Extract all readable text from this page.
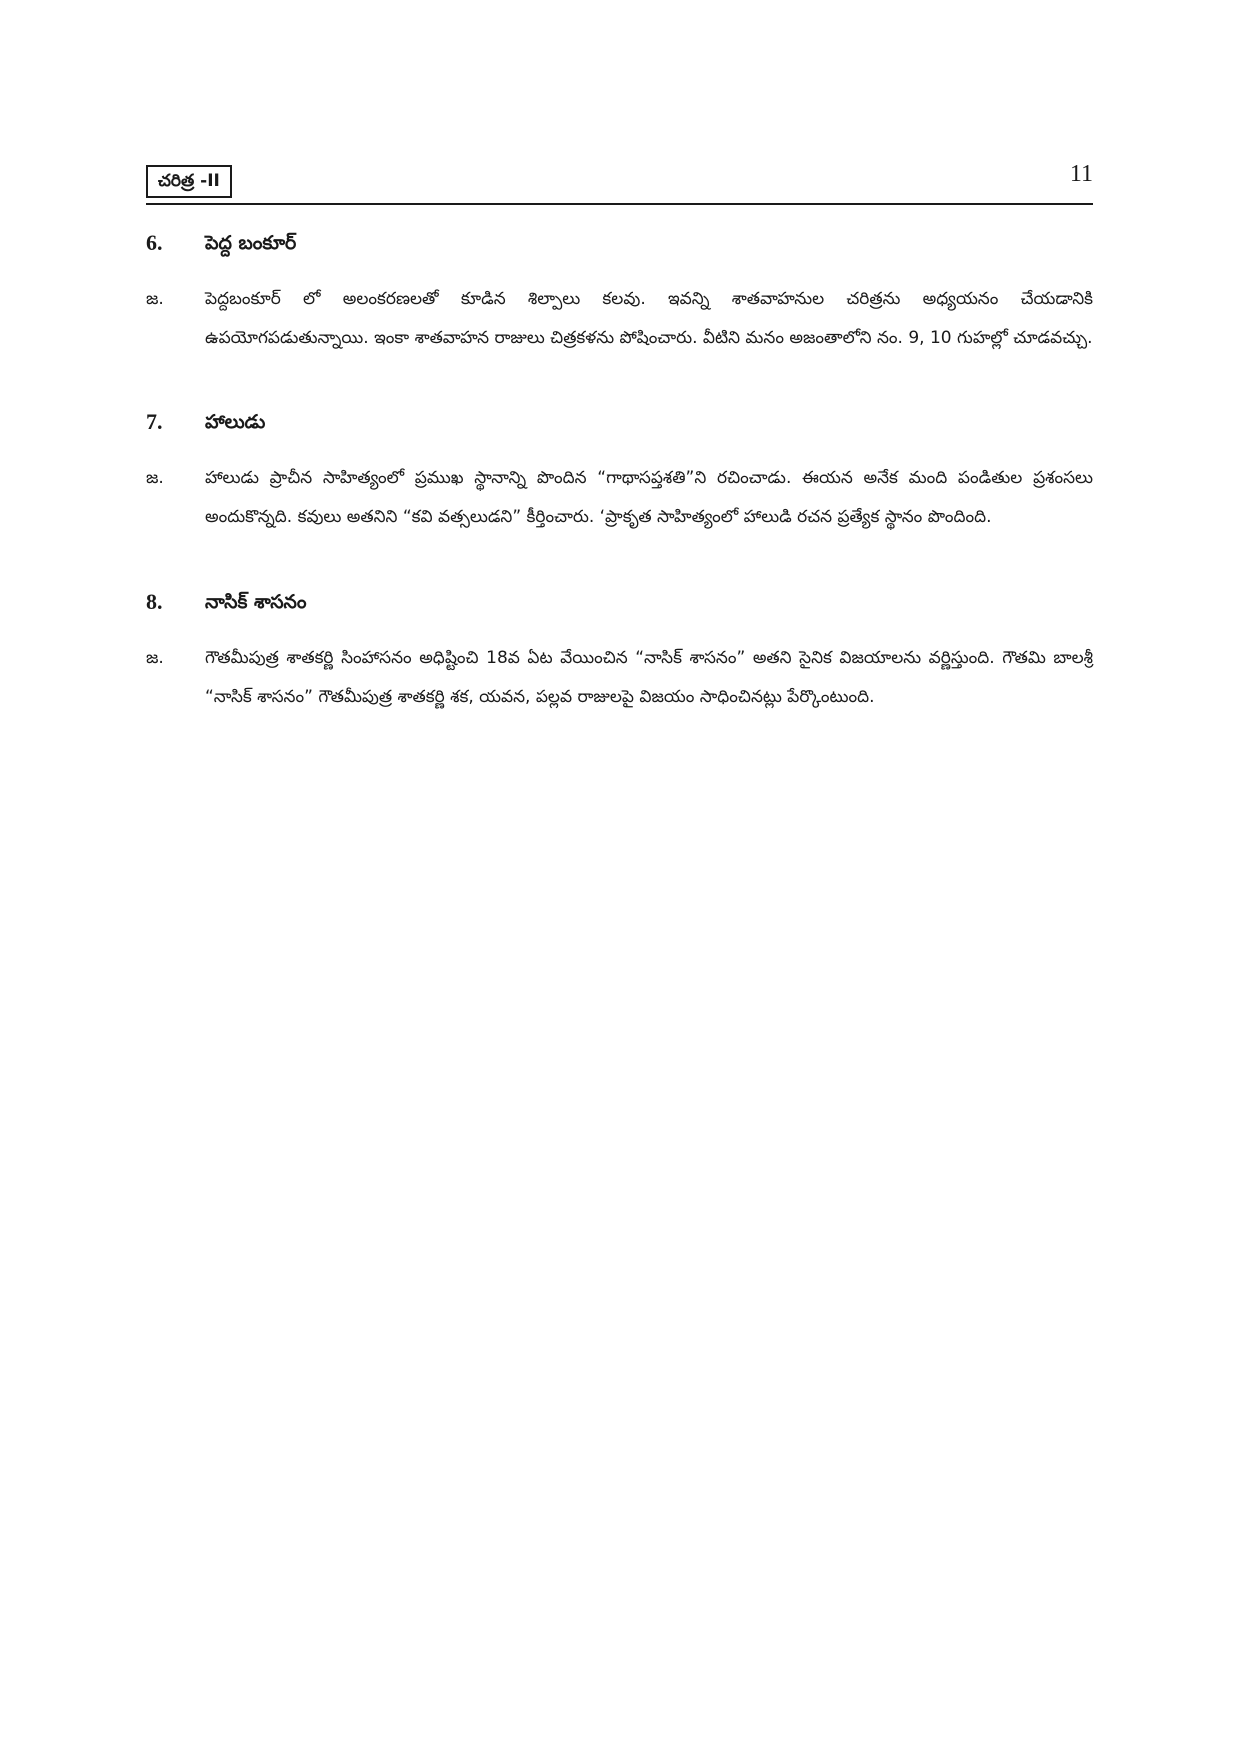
చరిత్ర -II	11
6. పెద్ద బంకూర్
జ. పెద్దబంకూర్ లో అలంకరణలతో కూడిన శిల్పాలు కలవు. ఇవన్ని శాతవాహనుల చరిత్రను అధ్యయనం చేయడానికి ఉపయోగపడుతున్నాయి. ఇంకా శాతవాహన రాజులు చిత్రకళను పోషించారు. వీటిని మనం అజంతాలోని నం. 9, 10 గుహల్లో చూడవచ్చు.
7. హాలుడు
జ. హాలుడు ప్రాచీన సాహిత్యంలో ప్రముఖ స్థానాన్ని పొందిన “గాథాసప్తశతి”ని రచించాడు. ఈయన అనేక మంది పండితుల ప్రశంసలు అందుకొన్నది. కవులు అతనిని “కవి వత్సలుడని” కీర్తించారు. ‘ప్రాకృత సాహిత్యంలో హాలుడి రచన ప్రత్యేక స్థానం పొందింది.
8. నాసిక్ శాసనం
జ. గౌతమీపుత్ర శాతకర్ణి సింహాసనం అధిష్టించి 18వ ఏట వేయించిన “నాసిక్ శాసనం” అతని సైనిక విజయాలను వర్ణిస్తుంది. గౌతమి బాలశ్రీ “నాసిక్ శాసనం” గౌతమీపుత్ర శాతకర్ణి శక, యవన, పల్లవ రాజులపై విజయం సాధించినట్లు పేర్కొంటుంది.
